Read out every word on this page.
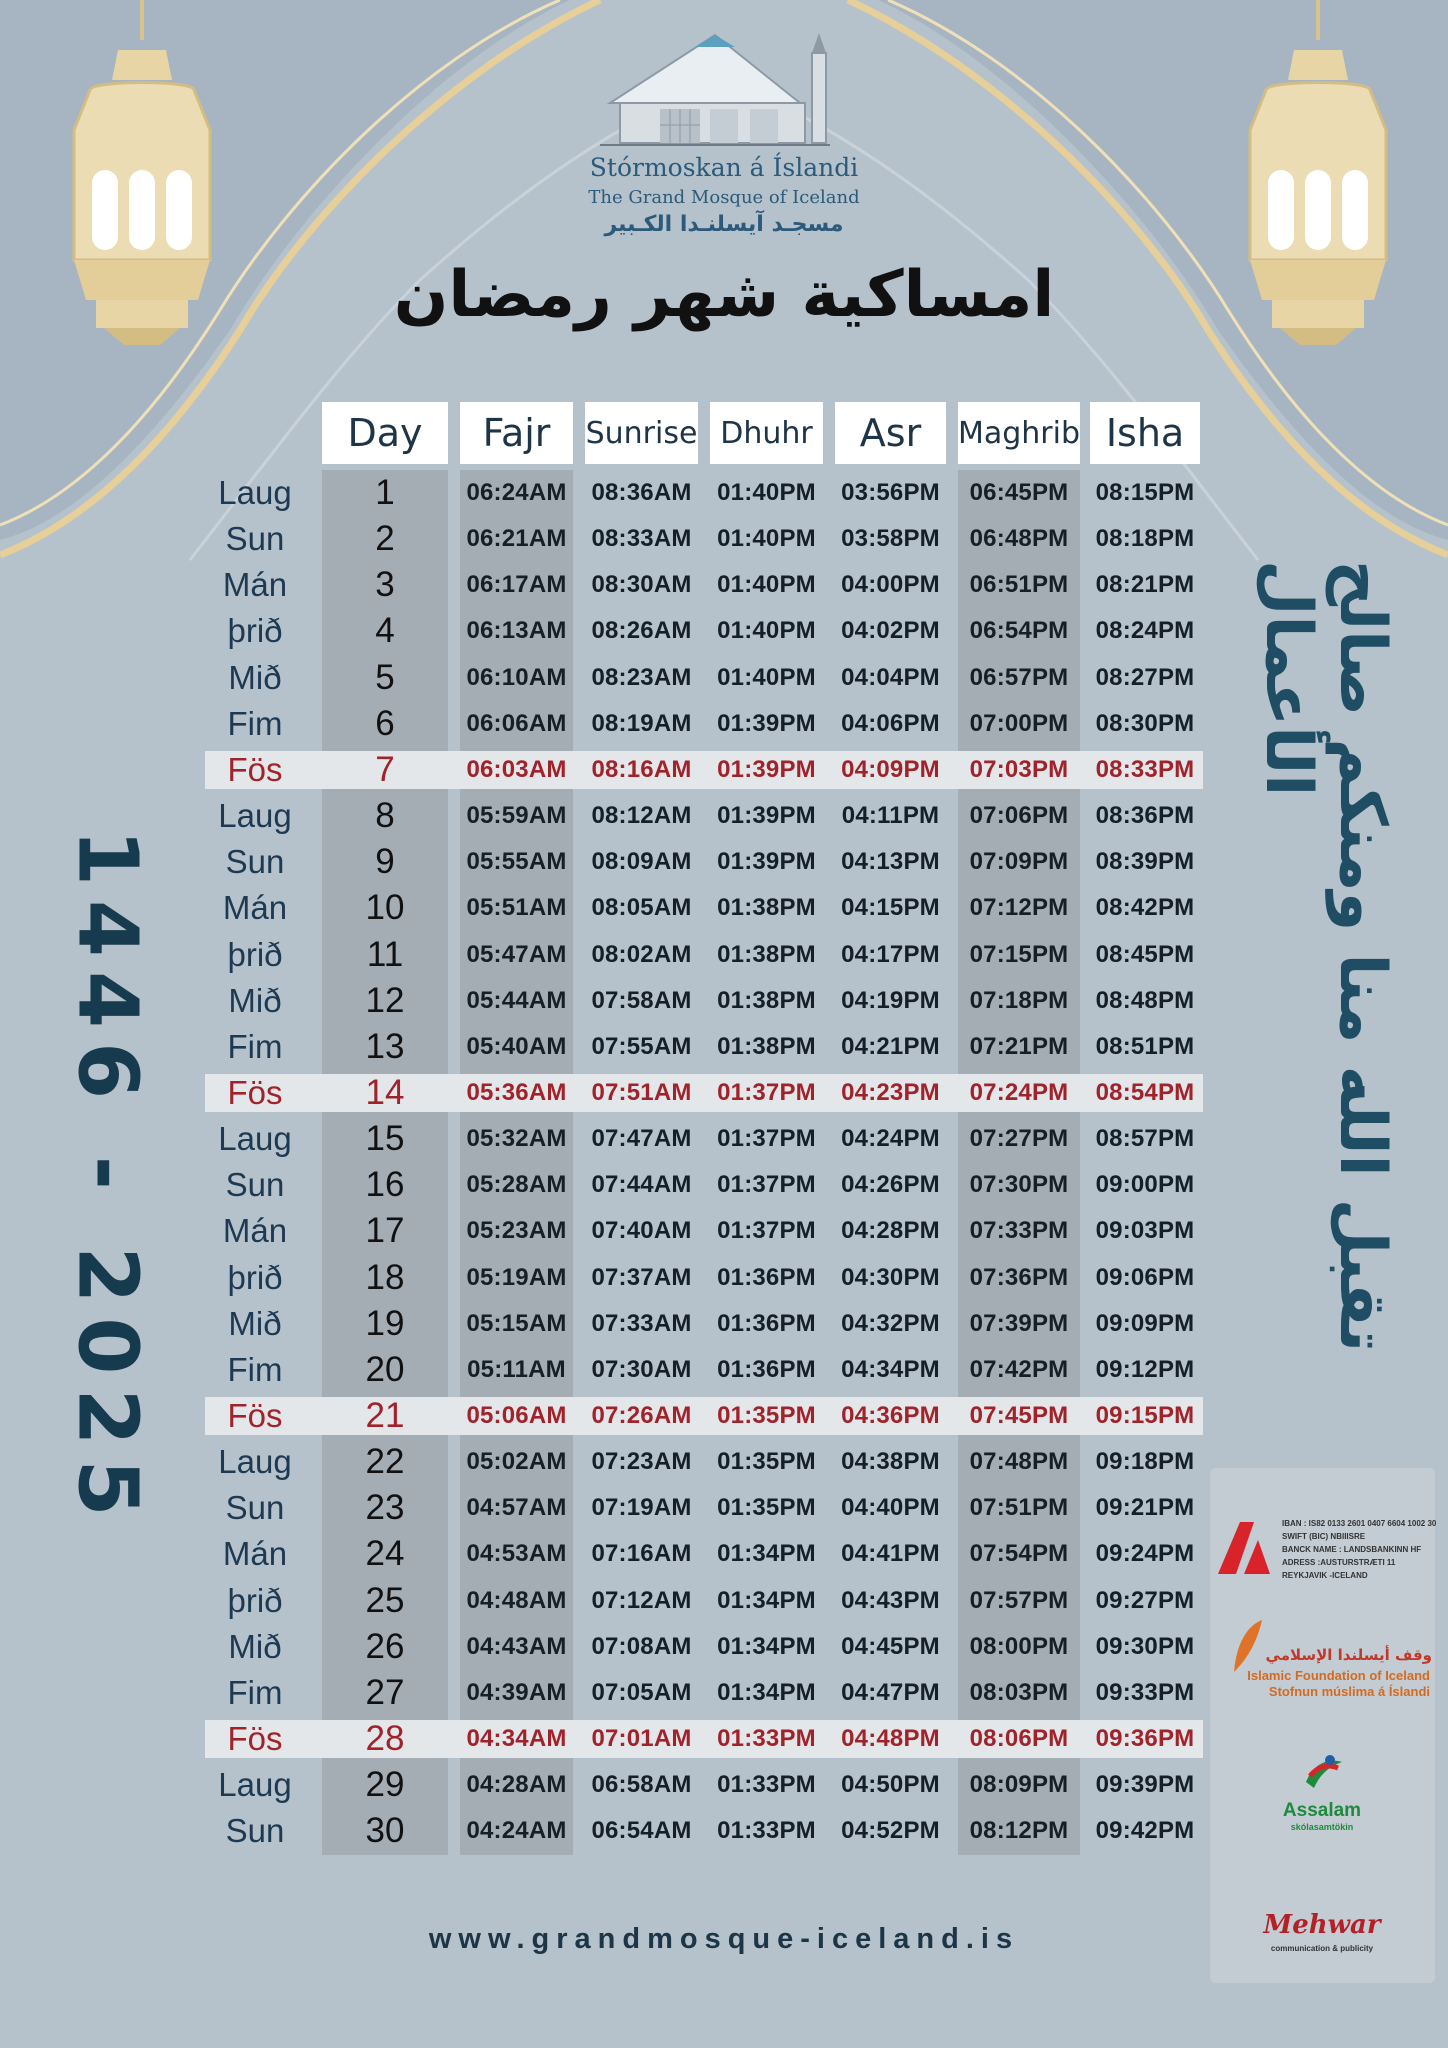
Stórmoskan á Íslandi
The Grand Mosque of Iceland
مسجـد آيسلنـدا الكـبير
امساكية شهر رمضان
Day	Fajr	Sunrise Dhuhr	Asr	Maghrib Isha
Laug	1	06:24AM 08:36AM 01:40PM 03:56PM	06:45PM	08:15PM
Sun	2	06:21AM 08:33AM 01:40PM 03:58PM	06:48PM	08:18PM
Mán	3	06:17AM 08:30AM 01:40PM 04:00PM	06:51PM	08:21PM
þrið	4	06:13AM 08:26AM 01:40PM 04:02PM	06:54PM	08:24PM
Mið	5	06:10AM 08:23AM 01:40PM 04:04PM	06:57PM	08:27PM
Fim	6	06:06AM 08:19AM 01:39PM 04:06PM	07:00PM	08:30PM
Fös	7	06:03AM 08:16AM 01:39PM 04:09PM	07:03PM	08:33PM
Laug	8	05:59AM 08:12AM 01:39PM 04:11PM	07:06PM	08:36PM
Sun	9	05:55AM 08:09AM 01:39PM 04:13PM	07:09PM	08:39PM
Mán	10	05:51AM 08:05AM 01:38PM 04:15PM	07:12PM	08:42PM
þrið	11	05:47AM 08:02AM 01:38PM 04:17PM	07:15PM	08:45PM
Mið	12	05:44AM 07:58AM 01:38PM 04:19PM	07:18PM	08:48PM
Fim	13	05:40AM 07:55AM 01:38PM 04:21PM	07:21PM	08:51PM
Fös	14	05:36AM 07:51AM 01:37PM 04:23PM	07:24PM	08:54PM
Laug	15	05:32AM 07:47AM 01:37PM 04:24PM	07:27PM	08:57PM
Sun	16	05:28AM 07:44AM 01:37PM 04:26PM	07:30PM	09:00PM
Mán	17	05:23AM 07:40AM 01:37PM 04:28PM	07:33PM	09:03PM
þrið	18	05:19AM 07:37AM 01:36PM 04:30PM	07:36PM	09:06PM
Mið	19	05:15AM 07:33AM 01:36PM 04:32PM	07:39PM	09:09PM
Fim	20	05:11AM 07:30AM 01:36PM 04:34PM	07:42PM	09:12PM
Fös	21	05:06AM 07:26AM 01:35PM 04:36PM	07:45PM	09:15PM
Laug	22	05:02AM 07:23AM 01:35PM 04:38PM	07:48PM	09:18PM
Sun	23	04:57AM 07:19AM 01:35PM 04:40PM	07:51PM	09:21PM
Mán	24	04:53AM 07:16AM 01:34PM 04:41PM	07:54PM	09:24PM
þrið	25	04:48AM 07:12AM 01:34PM 04:43PM	07:57PM	09:27PM
Mið	26	04:43AM 07:08AM 01:34PM 04:45PM	08:00PM	09:30PM
Fim	27	04:39AM 07:05AM 01:34PM 04:47PM	08:03PM	09:33PM
Fös	28	04:34AM 07:01AM 01:33PM 04:48PM	08:06PM	09:36PM
Laug	29	04:28AM 06:58AM 01:33PM 04:50PM	08:09PM	09:39PM
Sun	30	04:24AM 06:54AM 01:33PM 04:52PM	08:12PM	09:42PM
1446 - 2025	تقبل الله منا ومنكم صالح الأعمال
IBAN : IS82 0133 2601 0407 6604 1002 30
SWIFT (BIC) NBIIISRE
BANCK NAME : LANDSBANKINN HF
ADRESS :AUSTURSTRÆTI 11
REYKJAVIK -ICELAND
وقف أيسلندا الإسلامي
Islamic Foundation of Iceland
Stofnun múslima á Íslandi
Assalam
skólasamtökin
Mehwar
communication & publicity
www.grandmosque-iceland.is
